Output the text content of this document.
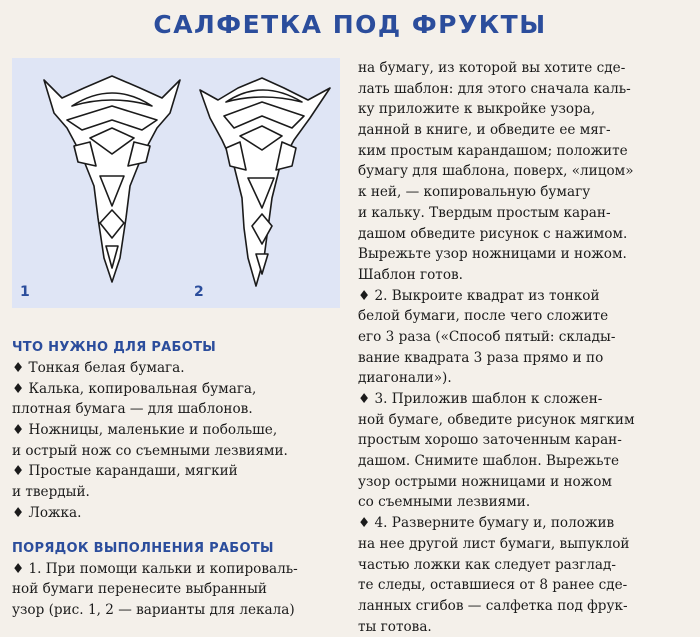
САЛФЕТКА ПОД ФРУКТЫ
1	2
ЧТО НУЖНО ДЛЯ РАБОТЫ
♦ Тонкая белая бумага.
♦ Калька, копировальная бумага,
плотная бумага — для шаблонов.
♦ Ножницы, маленькие и побольше,
и острый нож со съемными лезвиями.
♦ Простые карандаши, мягкий
и твердый.
♦ Ложка.
ПОРЯДОК ВЫПОЛНЕНИЯ РАБОТЫ
♦ 1. При помощи кальки и копироваль-
ной бумаги перенесите выбранный
узор (рис. 1, 2 — варианты для лекала)
на бумагу, из которой вы хотите сде-
лать шаблон: для этого сначала каль-
ку приложите к выкройке узора,
данной в книге, и обведите ее мяг-
ким простым карандашом; положите
бумагу для шаблона, поверх, «лицом»
к ней, — копировальную бумагу
и кальку. Твердым простым каран-
дашом обведите рисунок с нажимом.
Вырежьте узор ножницами и ножом.
Шаблон готов.
♦ 2. Выкроите квадрат из тонкой
белой бумаги, после чего сложите
его 3 раза («Способ пятый: склады-
вание квадрата 3 раза прямо и по
диагонали»).
♦ 3. Приложив шаблон к сложен-
ной бумаге, обведите рисунок мягким
простым хорошо заточенным каран-
дашом. Снимите шаблон. Вырежьте
узор острыми ножницами и ножом
со съемными лезвиями.
♦ 4. Разверните бумагу и, положив
на нее другой лист бумаги, выпуклой
частью ложки как следует разглад-
те следы, оставшиеся от 8 ранее сде-
ланных сгибов — салфетка под фрук-
ты готова.
